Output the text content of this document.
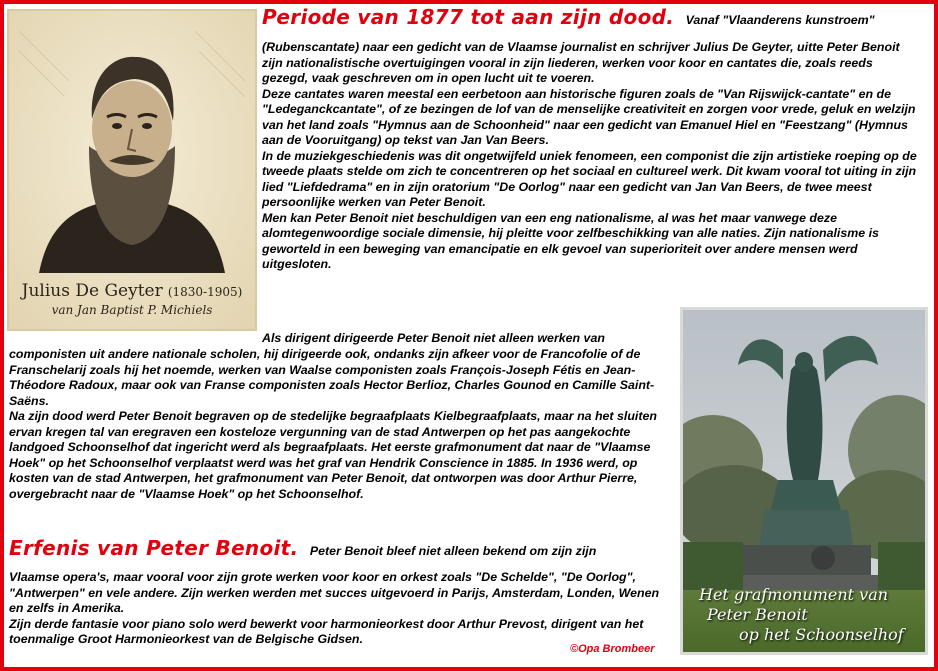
Julius De Geyter (1830-1905)
van Jan Baptist P. Michiels
Periode van 1877 tot aan zijn dood. Vanaf "Vlaanderens kunstroem"

(Rubenscantate) naar een gedicht van de Vlaamse journalist en schrijver Julius De Geyter, uitte Peter Benoit zijn nationalistische overtuigingen vooral in zijn liederen, werken voor koor en cantates die, zoals reeds gezegd, vaak geschreven om in open lucht uit te voeren.

Deze cantates waren meestal een eerbetoon aan historische figuren zoals de "Van Rijswijck-cantate" en de "Ledeganckcantate", of ze bezingen de lof van de menselijke creativiteit en zorgen voor vrede, geluk en welzijn van het land zoals "Hymnus aan de Schoonheid" naar een gedicht van Emanuel Hiel en "Feestzang" (Hymnus aan de Vooruitgang) op tekst van Jan Van Beers.

In de muziekgeschiedenis was dit ongetwijfeld uniek fenomeen, een componist die zijn artistieke roeping op de tweede plaats stelde om zich te concentreren op het sociaal en cultureel werk. Dit kwam vooral tot uiting in zijn lied "Liefdedrama" en in zijn oratorium "De Oorlog" naar een gedicht van Jan Van Beers, de twee meest persoonlijke werken van Peter Benoit.

Men kan Peter Benoit niet beschuldigen van een eng nationalisme, al was het maar vanwege deze alomtegenwoordige sociale dimensie, hij pleitte voor zelfbeschikking van alle naties. Zijn nationalisme is geworteld in een beweging van emancipatie en elk gevoel van superioriteit over andere mensen werd uitgesloten.

Als dirigent dirigeerde Peter Benoit niet alleen werken van

componisten uit andere nationale scholen, hij dirigeerde ook, ondanks zijn afkeer voor de Francofolie of de Franschelarij zoals hij het noemde, werken van Waalse componisten zoals François-Joseph Fétis en Jean-Théodore Radoux, maar ook van Franse componisten zoals Hector Berlioz, Charles Gounod en Camille Saint-Saëns.

Na zijn dood werd Peter Benoit begraven op de stedelijke begraafplaats Kielbegraafplaats, maar na het sluiten ervan kregen tal van eregraven een kosteloze vergunning van de stad Antwerpen op het pas aangekochte landgoed Schoonselhof dat ingericht werd als begraafplaats. Het eerste grafmonument dat naar de "Vlaamse Hoek" op het Schoonselhof verplaatst werd was het graf van Hendrik Conscience in 1885. In 1936 werd, op kosten van de stad Antwerpen, het grafmonument van Peter Benoit, dat ontworpen was door Arthur Pierre, overgebracht naar de "Vlaamse Hoek" op het Schoonselhof.

Erfenis van Peter Benoit. Peter Benoit bleef niet alleen bekend om zijn zijn

Vlaamse opera's, maar vooral voor zijn grote werken voor koor en orkest zoals "De Schelde", "De Oorlog", "Antwerpen" en vele andere. Zijn werken werden met succes uitgevoerd in Parijs, Amsterdam, Londen, Wenen en zelfs in Amerika.

Zijn derde fantasie voor piano solo werd bewerkt voor harmonieorkest door Arthur Prevost, dirigent van het toenmalige Groot Harmonieorkest van de Belgische Gidsen.

©Opa Brombeer
Het grafmonument van
Peter Benoit
op het Schoonselhof
